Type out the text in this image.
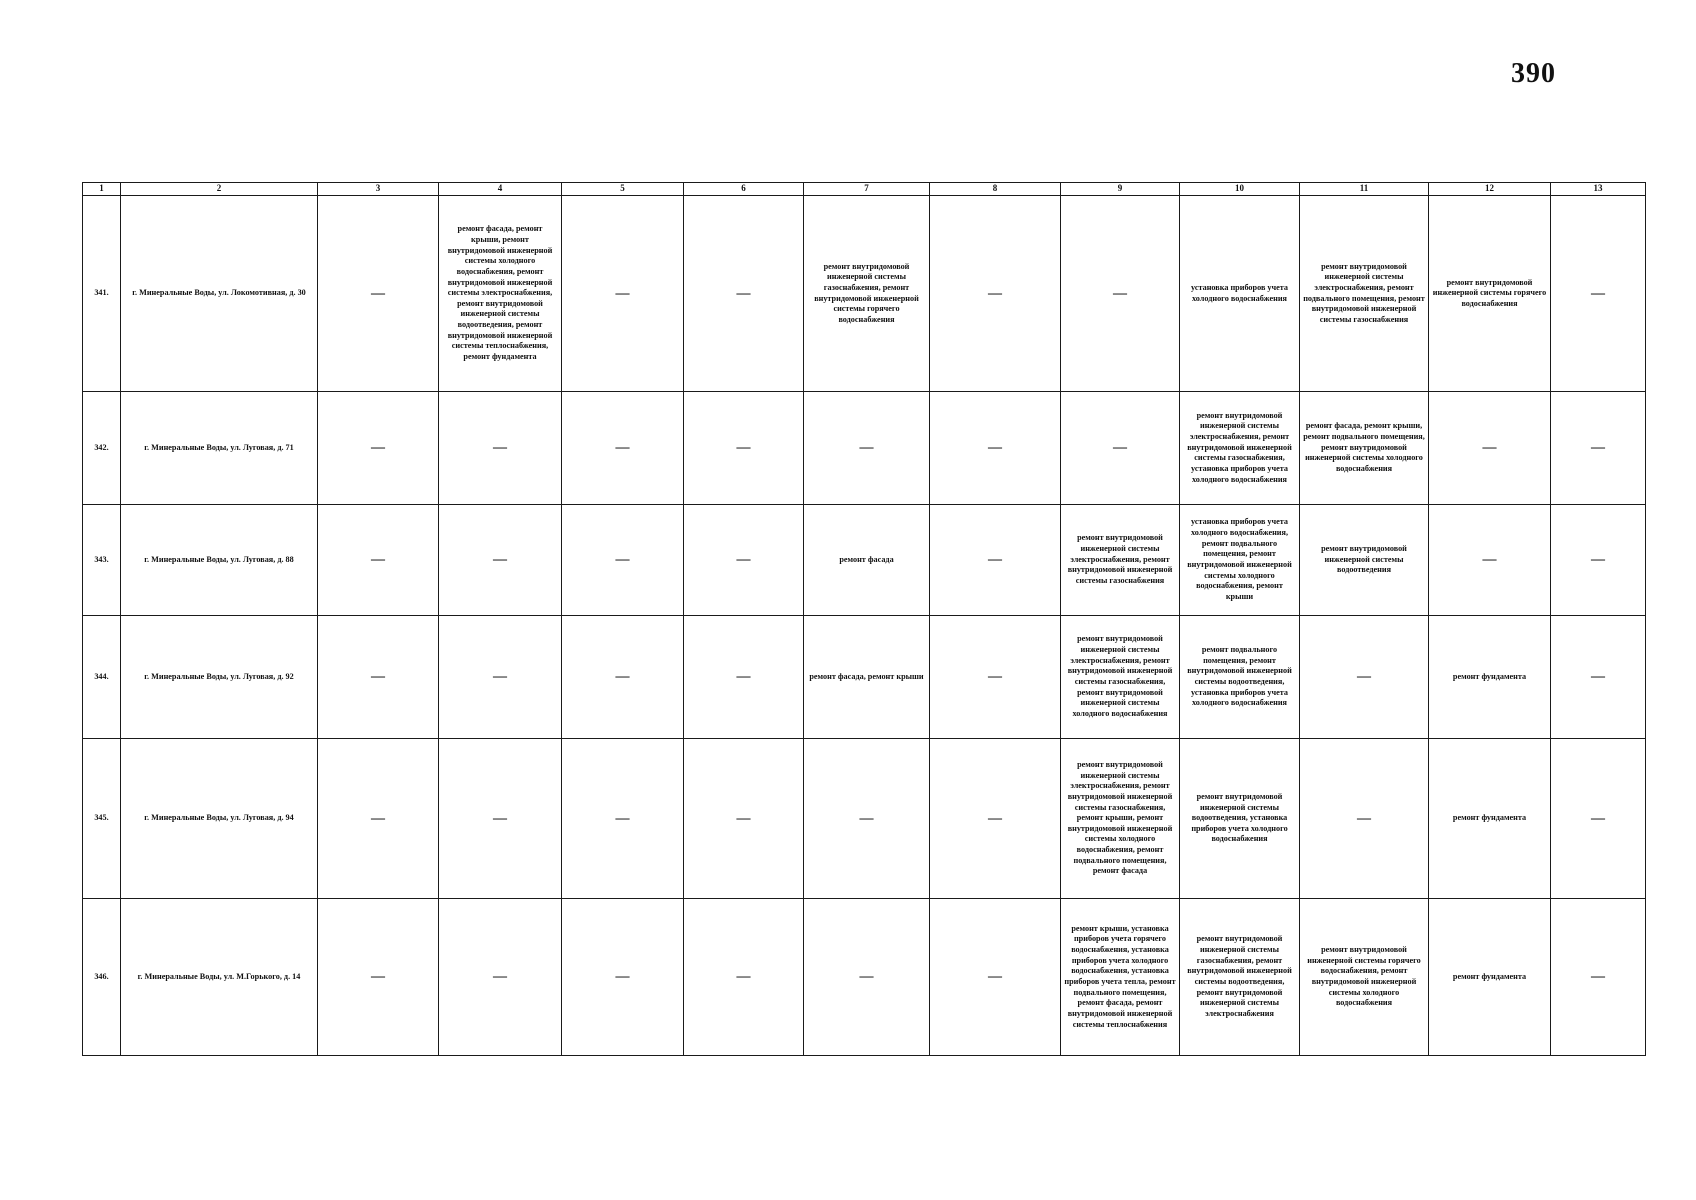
390
1	2	3	4	5	6	7	8	9	10	11	12	13
341.	г. Минеральные Воды, ул. Локомотивная, д. 30	—	ремонт фасада, ремонт крыши, ремонт внутридомовой инженерной системы холодного водоснабжения, ремонт внутридомовой инженерной системы электроснабжения, ремонт внутридомовой инженерной системы водоотведения, ремонт внутридомовой инженерной системы теплоснабжения, ремонт фундамента	—	—	ремонт внутридомовой инженерной системы газоснабжения, ремонт внутридомовой инженерной системы горячего водоснабжения	—	—	установка приборов учета холодного водоснабжения	ремонт внутридомовой инженерной системы электроснабжения, ремонт подвального помещения, ремонт внутридомовой инженерной системы газоснабжения	ремонт внутридомовой инженерной системы горячего водоснабжения	—
342.	г. Минеральные Воды, ул. Луговая, д. 71	—	—	—	—	—	—	—	ремонт внутридомовой инженерной системы электроснабжения, ремонт внутридомовой инженерной системы газоснабжения, установка приборов учета холодного водоснабжения	ремонт фасада, ремонт крыши, ремонт подвального помещения, ремонт внутридомовой инженерной системы холодного водоснабжения	—	—
343.	г. Минеральные Воды, ул. Луговая, д. 88	—	—	—	—	ремонт фасада	—	ремонт внутридомовой инженерной системы электроснабжения, ремонт внутридомовой инженерной системы газоснабжения	установка приборов учета холодного водоснабжения, ремонт подвального помещения, ремонт внутридомовой инженерной системы холодного водоснабжения, ремонт крыши	ремонт внутридомовой инженерной системы водоотведения	—	—
344.	г. Минеральные Воды, ул. Луговая, д. 92	—	—	—	—	ремонт фасада, ремонт крыши	—	ремонт внутридомовой инженерной системы электроснабжения, ремонт внутридомовой инженерной системы газоснабжения, ремонт внутридомовой инженерной системы холодного водоснабжения	ремонт подвального помещения, ремонт внутридомовой инженерной системы водоотведения, установка приборов учета холодного водоснабжения	—	ремонт фундамента	—
345.	г. Минеральные Воды, ул. Луговая, д. 94	—	—	—	—	—	—	ремонт внутридомовой инженерной системы электроснабжения, ремонт внутридомовой инженерной системы газоснабжения, ремонт крыши, ремонт внутридомовой инженерной системы холодного водоснабжения, ремонт подвального помещения, ремонт фасада	ремонт внутридомовой инженерной системы водоотведения, установка приборов учета холодного водоснабжения	—	ремонт фундамента	—
346.	г. Минеральные Воды, ул. М.Горького, д. 14	—	—	—	—	—	—	ремонт крыши, установка приборов учета горячего водоснабжения, установка приборов учета холодного водоснабжения, установка приборов учета тепла, ремонт подвального помещения, ремонт фасада, ремонт внутридомовой инженерной системы теплоснабжения	ремонт внутридомовой инженерной системы газоснабжения, ремонт внутридомовой инженерной системы водоотведения, ремонт внутридомовой инженерной системы электроснабжения	ремонт внутридомовой инженерной системы горячего водоснабжения, ремонт внутридомовой инженерной системы холодного водоснабжения	ремонт фундамента	—
